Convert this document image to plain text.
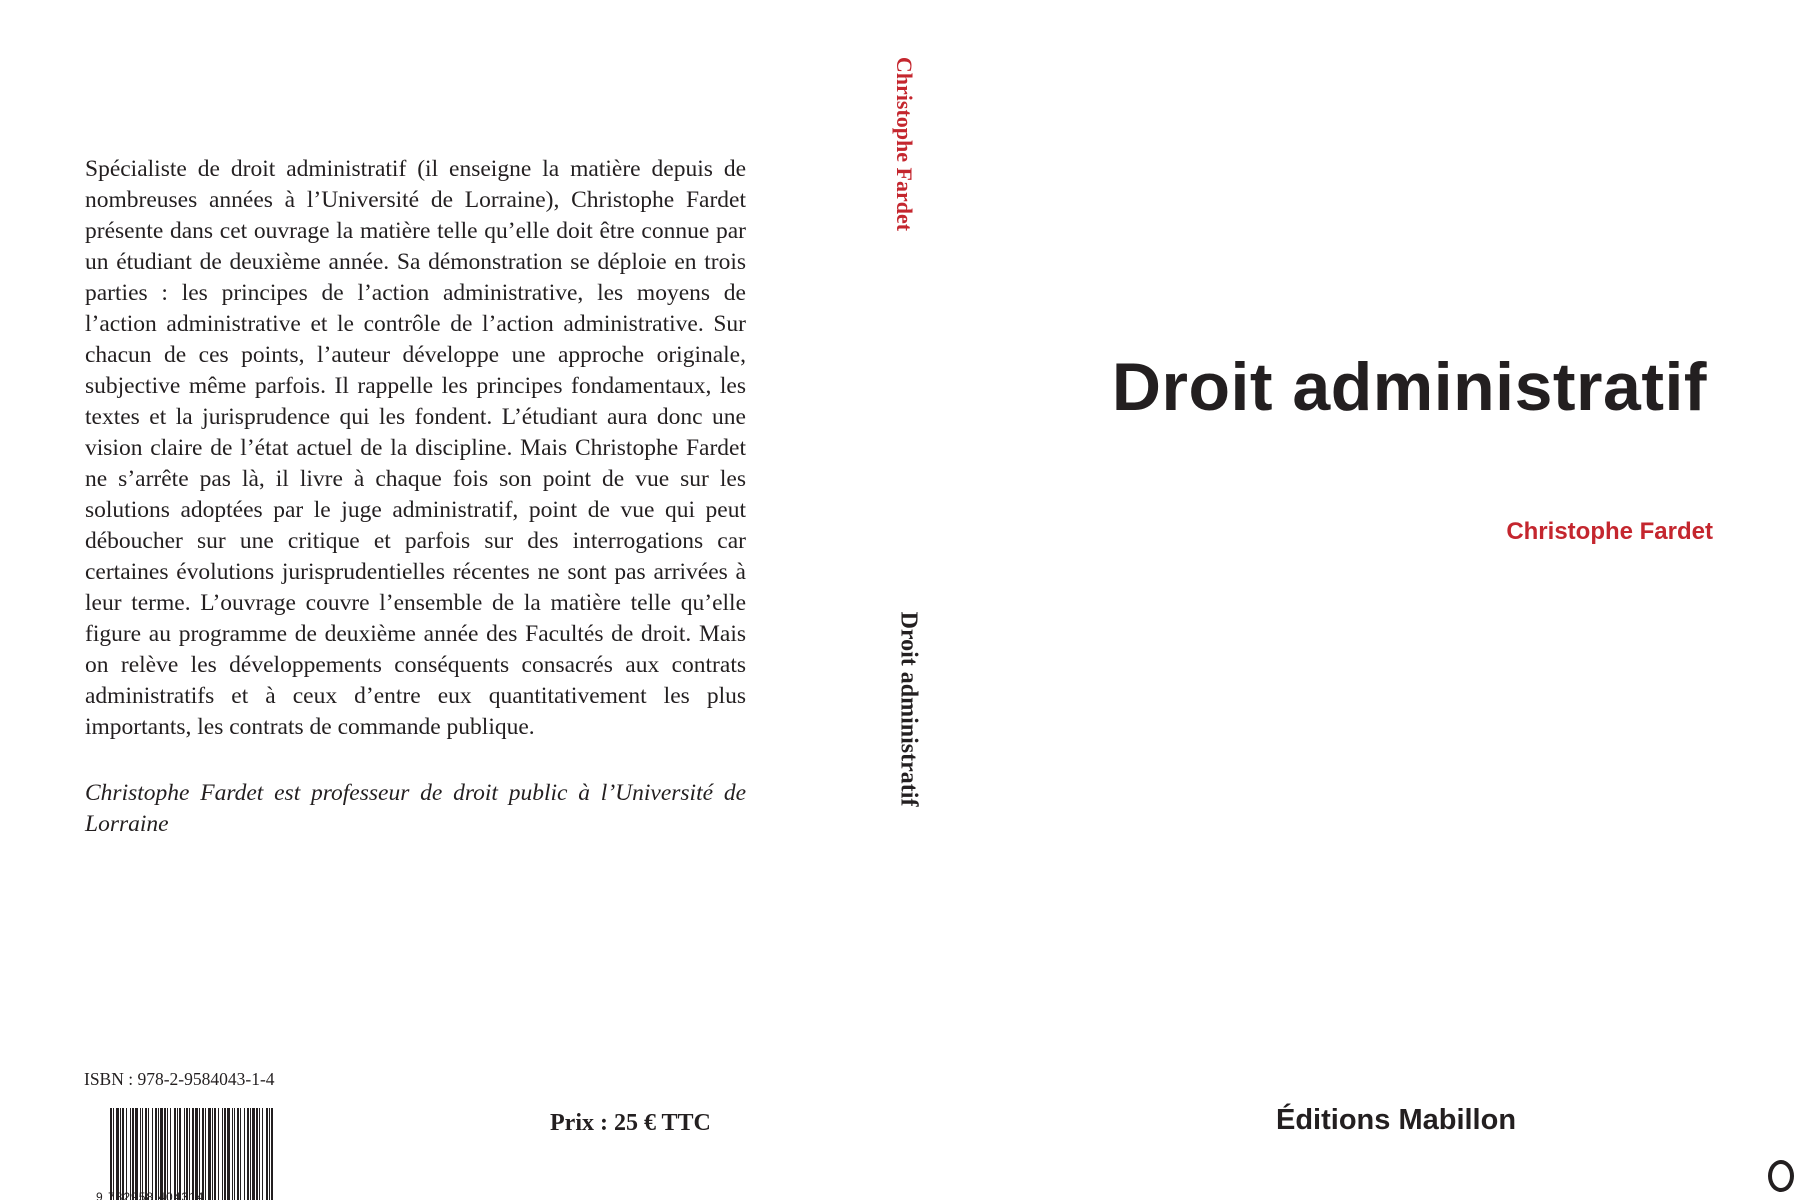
Spécialiste de droit administratif (il enseigne la matière depuis de nombreuses années à l’Université de Lorraine), Christophe Fardet présente dans cet ouvrage la matière telle qu’elle doit être connue par un étudiant de deuxième année. Sa démonstration se déploie en trois parties : les principes de l’action administrative, les moyens de l’action administrative et le contrôle de l’action administrative. Sur chacun de ces points, l’auteur développe une approche originale, subjective même parfois. Il rappelle les principes fondamentaux, les textes et la jurisprudence qui les fondent. L’étudiant aura donc une vision claire de l’état actuel de la discipline. Mais Christophe Fardet ne s’arrête pas là, il livre à chaque fois son point de vue sur les solutions adoptées par le juge administratif, point de vue qui peut déboucher sur une critique et parfois sur des interrogations car certaines évolutions jurisprudentielles récentes ne sont pas arrivées à leur terme. L’ouvrage couvre l’ensemble de la matière telle qu’elle figure au programme de deuxième année des Facultés de droit. Mais on relève les développements conséquents consacrés aux contrats administratifs et à ceux d’entre eux quantitativement les plus importants, les contrats de commande publique.
Christophe Fardet est professeur de droit public à l’Université de Lorraine
ISBN : 978-2-9584043-1-4
9 782958 404314
Prix : 25 € TTC
Christophe Fardet
Droit administratif
Droit administratif
Christophe Fardet
Éditions Mabillon
